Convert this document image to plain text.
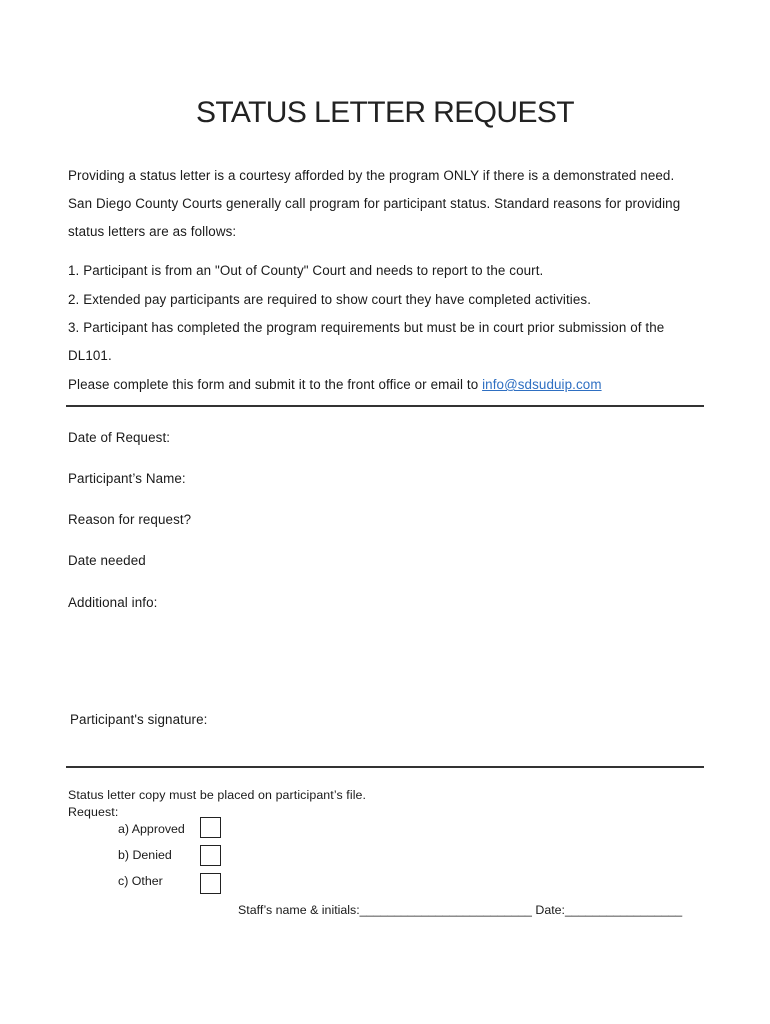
STATUS LETTER REQUEST
Providing a status letter is a courtesy afforded by the program ONLY if there is a demonstrated need.
San Diego County Courts generally call program for participant status. Standard reasons for providing
status letters are as follows:
1. Participant is from an "Out of County" Court and needs to report to the court.
2. Extended pay participants are required to show court they have completed activities.
3. Participant has completed the program requirements but must be in court prior submission of the
DL101.
Please complete this form and submit it to the front office or email to info@sdsuduip.com
Date of Request:
Participant’s Name:
Reason for request?
Date needed
Additional info:
Participant's signature:
Status letter copy must be placed on participant’s file.
Request:
a) Approved
b) Denied
c) Other
Staff’s name & initials:_________________________ Date:_________________
